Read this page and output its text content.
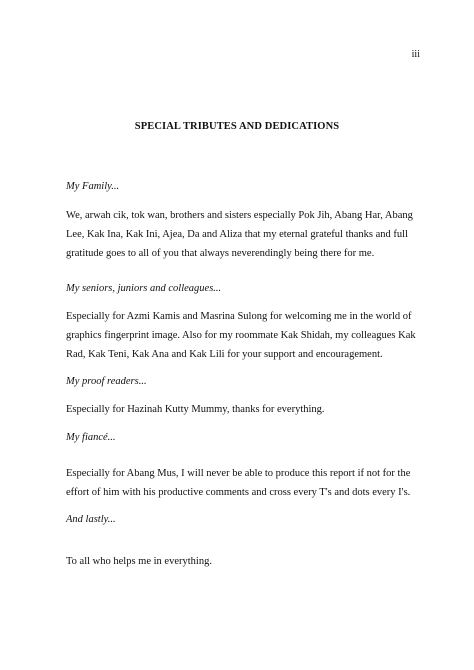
iii
SPECIAL TRIBUTES AND DEDICATIONS
My Family...

We, arwah cik, tok wan, brothers and sisters especially Pok Jih, Abang Har, Abang
Lee, Kak Ina, Kak Ini, Ajea, Da and Aliza that my eternal grateful thanks and full
gratitude goes to all of you that always neverendingly being there for me.

My seniors, juniors and colleagues...

Especially for Azmi Kamis and Masrina Sulong for welcoming me in the world of
graphics fingerprint image. Also for my roommate Kak Shidah, my colleagues Kak
Rad, Kak Teni, Kak Ana and Kak Lili for your support and encouragement.

My proof readers...

Especially for Hazinah Kutty Mummy, thanks for everything.

My fiancé...

Especially for Abang Mus, I will never be able to produce this report if not for the
effort of him with his productive comments and cross every T's and dots every I's.

And lastly...

To all who helps me in everything.
